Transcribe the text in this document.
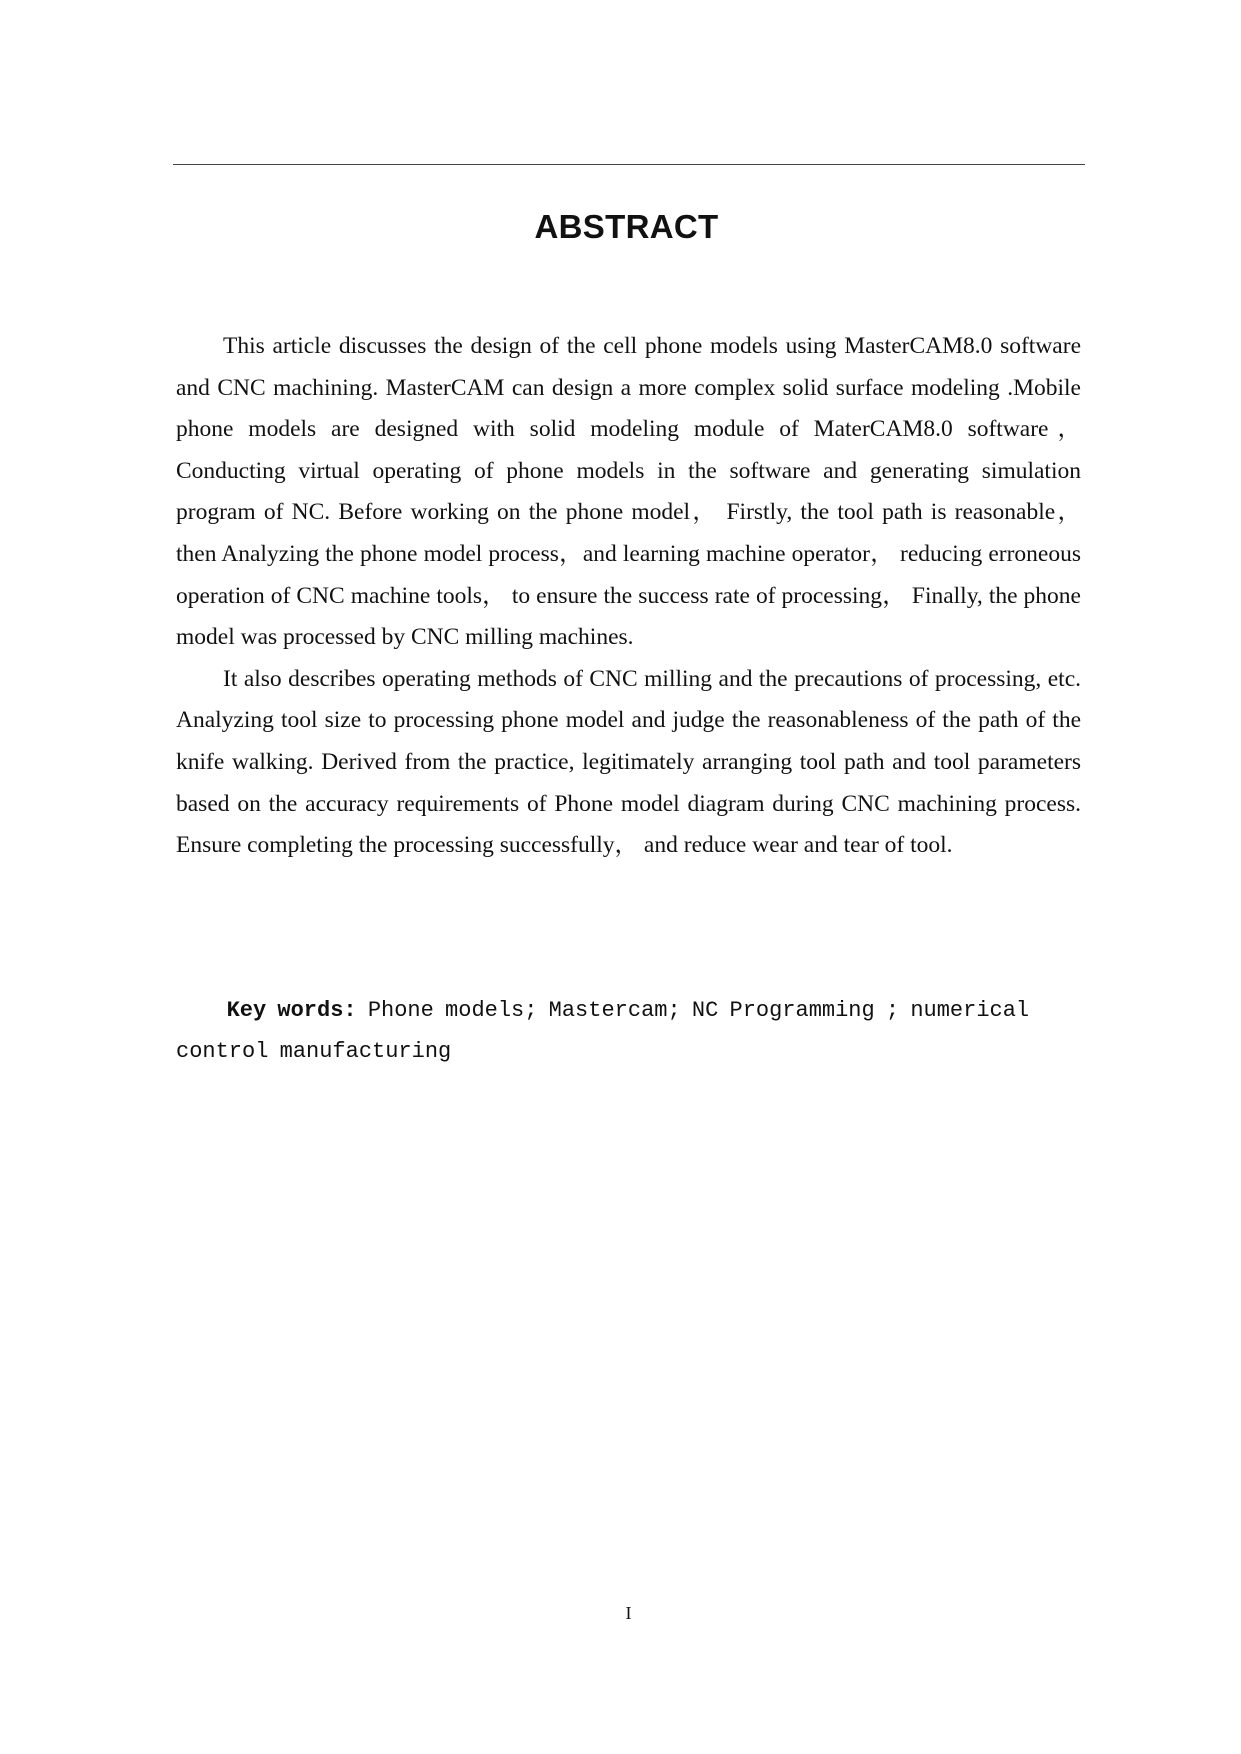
ABSTRACT

This article discusses the design of the cell phone models using MasterCAM8.0 software and CNC machining. MasterCAM can design a more complex solid surface modeling .Mobile phone models are designed with solid modeling module of MaterCAM8.0 software， Conducting virtual operating of phone models in the software and generating simulation program of NC. Before working on the phone model， Firstly, the tool path is reasonable，then Analyzing the phone model process，and learning machine operator， reducing erroneous operation of CNC machine tools， to ensure the success rate of processing， Finally, the phone model was processed by CNC milling machines.

It also describes operating methods of CNC milling and the precautions of processing, etc. Analyzing tool size to processing phone model and judge the reasonableness of the path of the knife walking. Derived from the practice, legitimately arranging tool path and tool parameters based on the accuracy requirements of Phone model diagram during CNC machining process. Ensure completing the processing successfully， and reduce wear and tear of tool.

Key words: Phone models; Mastercam; NC Programming ; numerical control manufacturing
I
